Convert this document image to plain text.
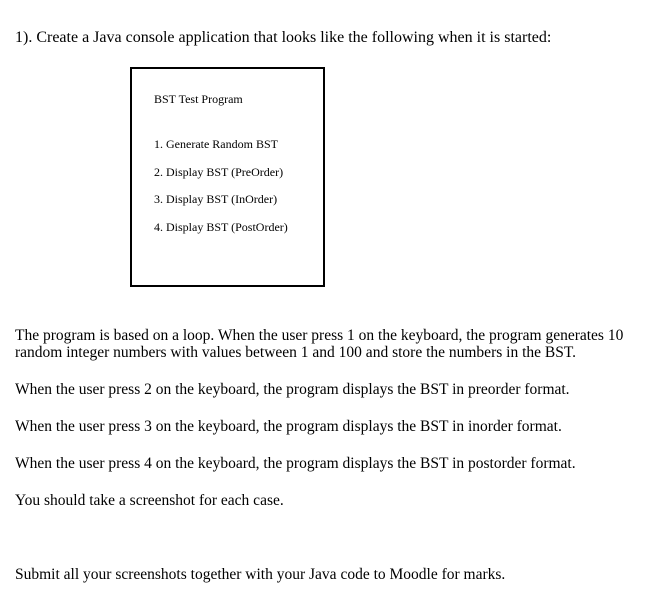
1). Create a Java console application that looks like the following when it is started:
BST Test Program
1. Generate Random BST
2. Display BST (PreOrder)
3. Display BST (InOrder)
4. Display BST (PostOrder)

The program is based on a loop. When the user press 1 on the keyboard, the program generates 10 random integer numbers with values between 1 and 100 and store the numbers in the BST.

When the user press 2 on the keyboard, the program displays the BST in preorder format.

When the user press 3 on the keyboard, the program displays the BST in inorder format.

When the user press 4 on the keyboard, the program displays the BST in postorder format.

You should take a screenshot for each case.

Submit all your screenshots together with your Java code to Moodle for marks.
